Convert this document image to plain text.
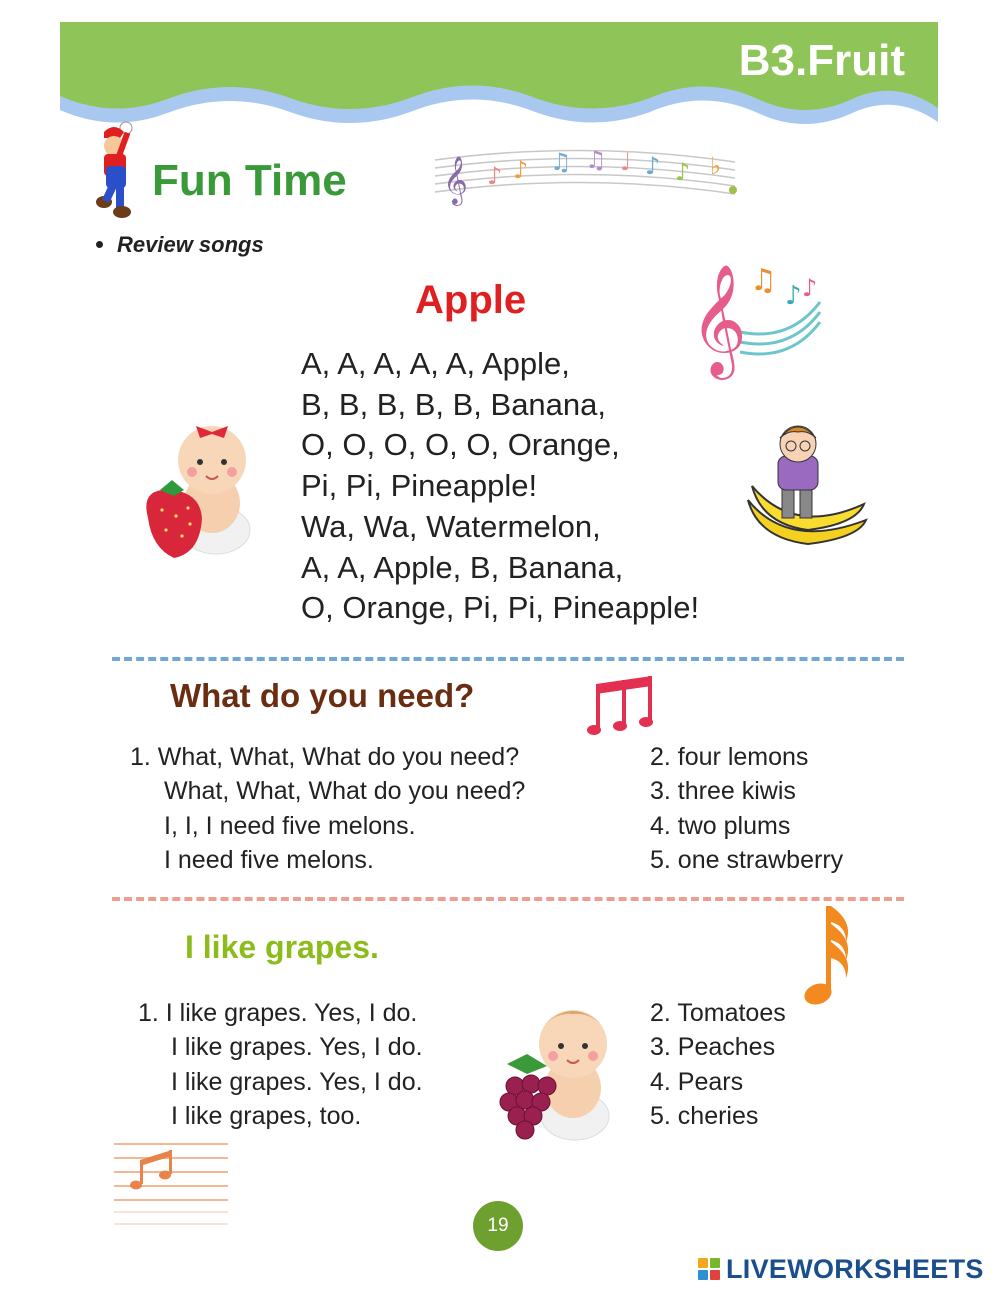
B3.Fruit
Fun Time 𝄞 ♪ ♪ ♫ ♫ ♩ ♪ ♪ ♭
Review songs
Apple 𝄞 ♫ ♪ ♪
A, A, A, A, A, Apple,
B, B, B, B, B, Banana,
O, O, O, O, O, Orange,
Pi, Pi, Pineapple!
Wa, Wa, Watermelon,
A, A, Apple, B, Banana,
O, Orange, Pi, Pi, Pineapple!
What do you need?
1. What, What, What do you need?
What, What, What do you need?
I, I, I need five melons.
I need five melons.
2. four lemons
3. three kiwis
4. two plums
5. one strawberry
I like grapes.
1. I like grapes. Yes, I do.
I like grapes. Yes, I do.
I like grapes. Yes, I do.
I like grapes, too.
2. Tomatoes
3. Peaches
4. Pears
5. cheries
19
LIVEWORKSHEETS
